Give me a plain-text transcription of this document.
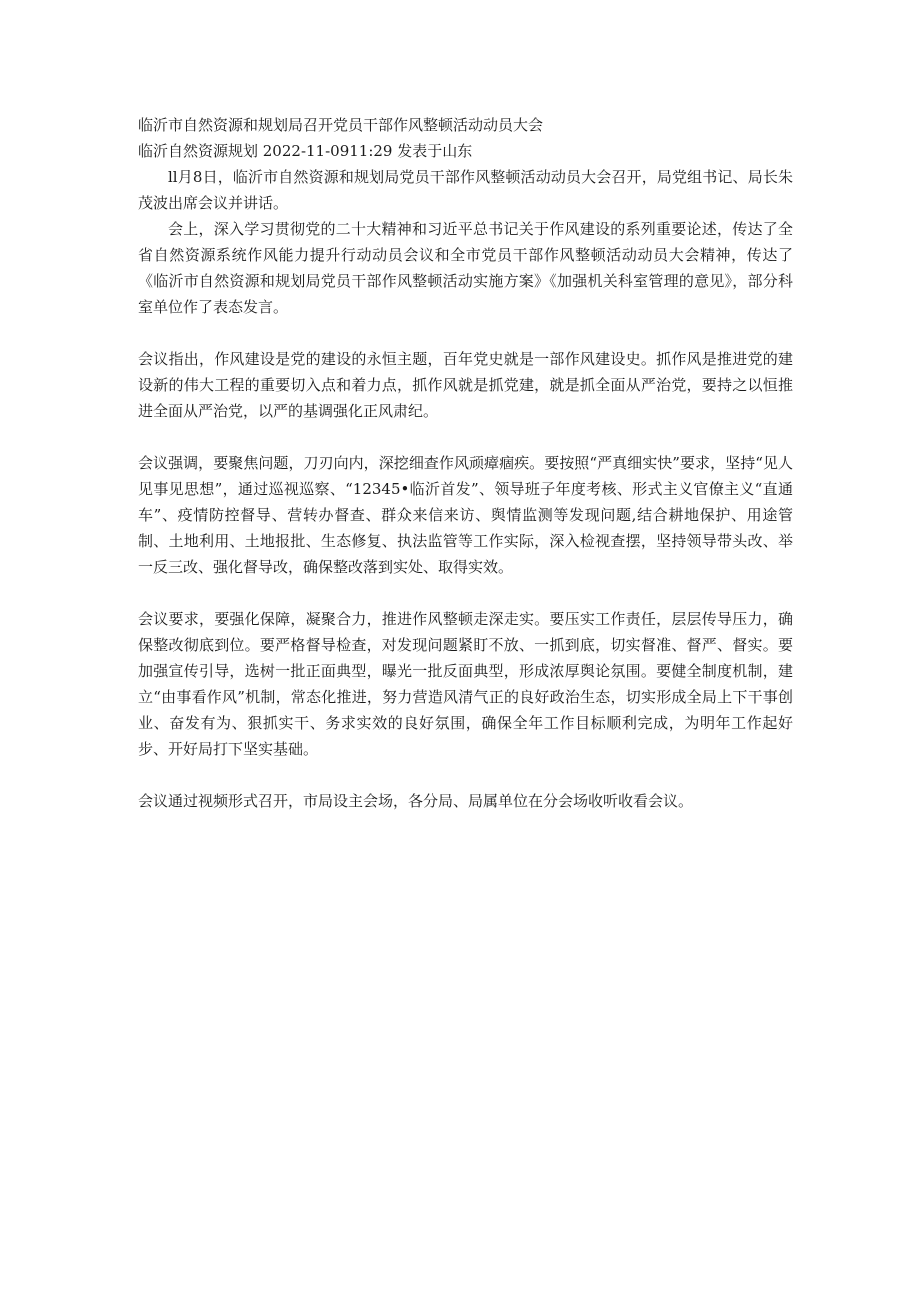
临沂市自然资源和规划局召开党员干部作风整顿活动动员大会

临沂自然资源规划 2022-11-0911:29 发表于山东

ll月8日，临沂市自然资源和规划局党员干部作风整顿活动动员大会召开，局党组书记、局长朱茂波出席会议并讲话。

会上，深入学习贯彻党的二十大精神和习近平总书记关于作风建设的系列重要论述，传达了全省自然资源系统作风能力提升行动动员会议和全市党员干部作风整顿活动动员大会精神，传达了《临沂市自然资源和规划局党员干部作风整顿活动实施方案》《加强机关科室管理的意见》，部分科室单位作了表态发言。

会议指出，作风建设是党的建设的永恒主题，百年党史就是一部作风建设史。抓作风是推进党的建设新的伟大工程的重要切入点和着力点，抓作风就是抓党建，就是抓全面从严治党，要持之以恒推进全面从严治党，以严的基调强化正风肃纪。

会议强调，要聚焦问题，刀刃向内，深挖细查作风顽瘴痼疾。要按照“严真细实快”要求，坚持“见人见事见思想”，通过巡视巡察、“12345•临沂首发”、领导班子年度考核、形式主义官僚主义“直通车”、疫情防控督导、营转办督查、群众来信来访、舆情监测等发现问题,结合耕地保护、用途管制、土地利用、土地报批、生态修复、执法监管等工作实际，深入检视查摆，坚持领导带头改、举一反三改、强化督导改，确保整改落到实处、取得实效。

会议要求，要强化保障，凝聚合力，推进作风整顿走深走实。要压实工作责任，层层传导压力，确保整改彻底到位。要严格督导检查，对发现问题紧盯不放、一抓到底，切实督准、督严、督实。要加强宣传引导，选树一批正面典型，曝光一批反面典型，形成浓厚舆论氛围。要健全制度机制，建立“由事看作风”机制，常态化推进，努力营造风清气正的良好政治生态，切实形成全局上下干事创业、奋发有为、狠抓实干、务求实效的良好氛围，确保全年工作目标顺利完成，为明年工作起好步、开好局打下坚实基础。

会议通过视频形式召开，市局设主会场，各分局、局属单位在分会场收听收看会议。
